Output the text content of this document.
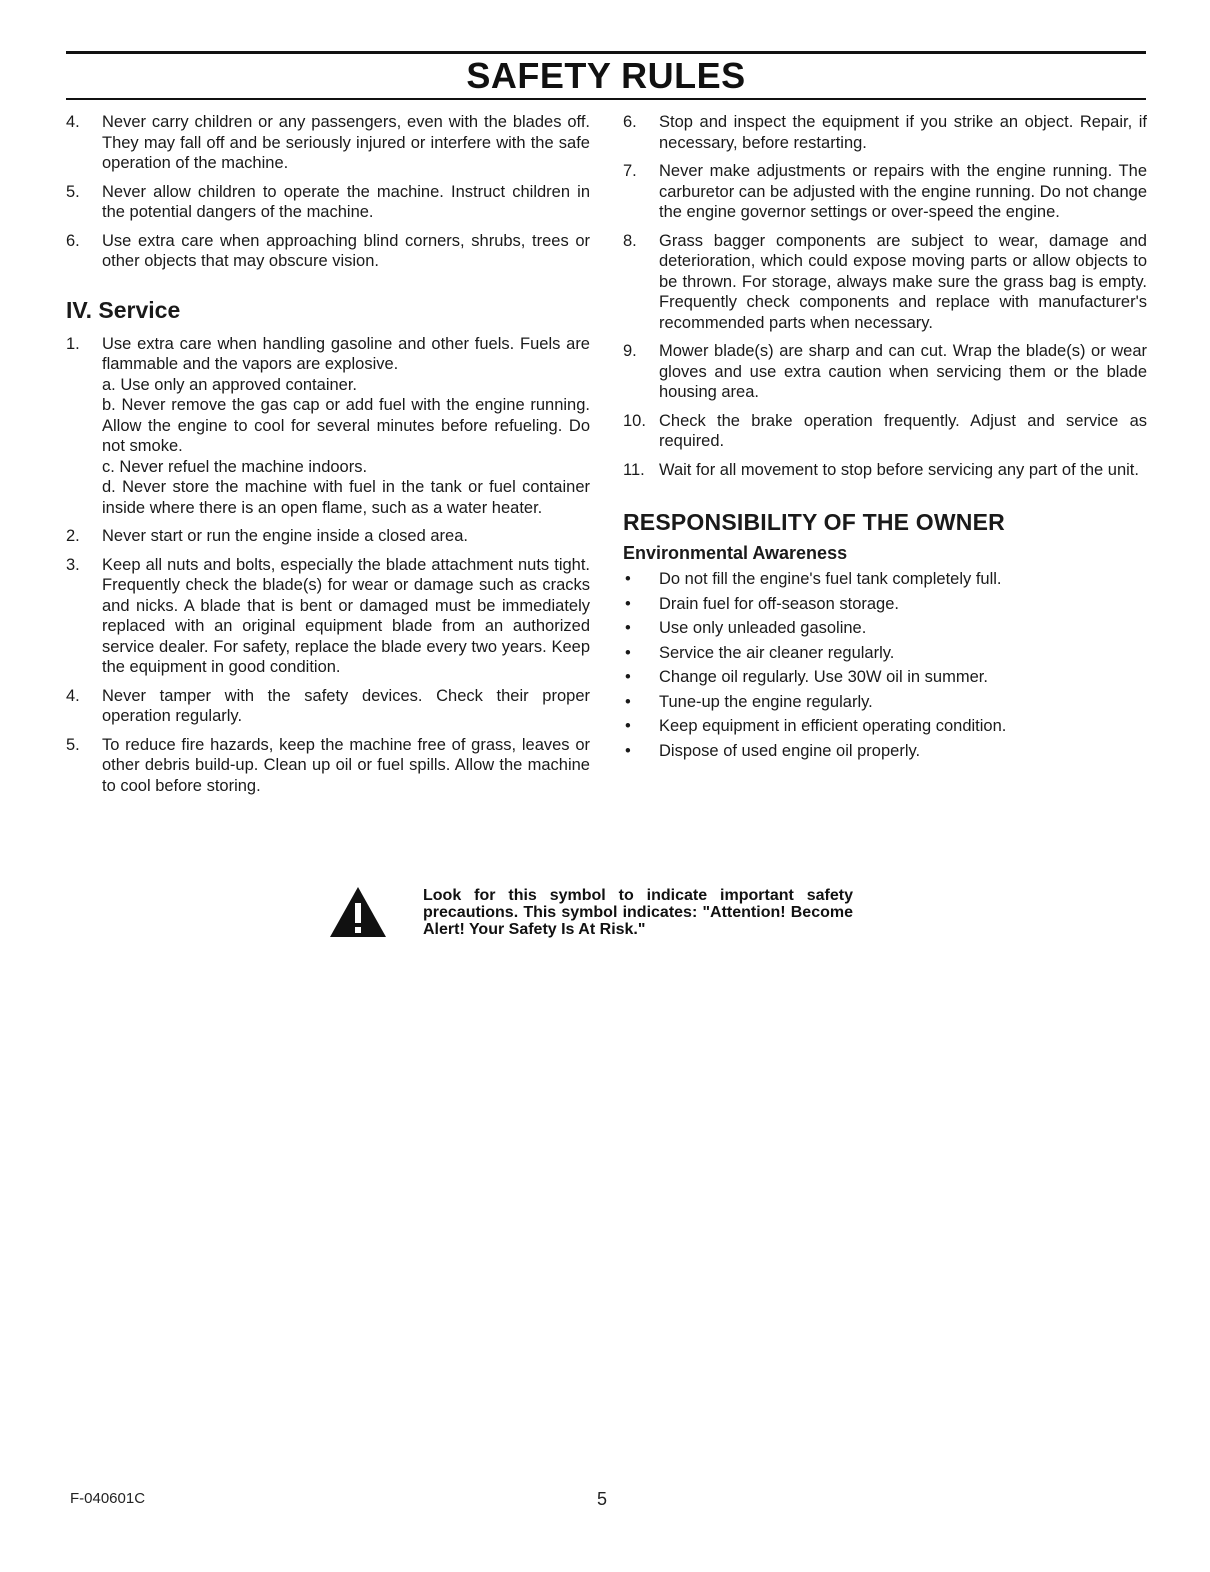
SAFETY RULES
4.	Never carry children or any passengers, even with the blades off. They may fall off and be seriously injured or interfere with the safe operation of the machine.
5.	Never allow children to operate the machine. Instruct children in the potential dangers of the machine.
6.	Use extra care when approaching blind corners, shrubs, trees or other objects that may obscure vision.
IV. Service
1.	Use extra care when handling gasoline and other fuels. Fuels are flammable and the vapors are explosive.
a. Use only an approved container.
b. Never remove the gas cap or add fuel with the engine running. Allow the engine to cool for several minutes before refueling. Do not smoke.
c. Never refuel the machine indoors.
d. Never store the machine with fuel in the tank or fuel container inside where there is an open flame, such as a water heater.
2.	Never start or run the engine inside a closed area.
3.	Keep all nuts and bolts, especially the blade attachment nuts tight. Frequently check the blade(s) for wear or damage such as cracks and nicks. A blade that is bent or damaged must be immediately replaced with an original equipment blade from an authorized service dealer. For safety, replace the blade every two years. Keep the equipment in good condition.
4.	Never tamper with the safety devices. Check their proper operation regularly.
5.	To reduce fire hazards, keep the machine free of grass, leaves or other debris build-up. Clean up oil or fuel spills. Allow the machine to cool before storing.
6.	Stop and inspect the equipment if you strike an object. Repair, if necessary, before restarting.
7.	Never make adjustments or repairs with the engine running. The carburetor can be adjusted with the engine running. Do not change the engine governor settings or over-speed the engine.
8.	Grass bagger components are subject to wear, damage and deterioration, which could expose moving parts or allow objects to be thrown. For storage, always make sure the grass bag is empty. Frequently check components and replace with manufacturer's recommended parts when necessary.
9.	Mower blade(s) are sharp and can cut. Wrap the blade(s) or wear gloves and use extra caution when servicing them or the blade housing area.
10. Check the brake operation frequently. Adjust and service as required.
11. Wait for all movement to stop before servicing any part of the unit.
RESPONSIBILITY OF THE OWNER
Environmental Awareness
•	Do not fill the engine's fuel tank completely full.
•	Drain fuel for off-season storage.
•	Use only unleaded gasoline.
•	Service the air cleaner regularly.
•	Change oil regularly. Use 30W oil in summer.
•	Tune-up the engine regularly.
•	Keep equipment in efficient operating condition.
•	Dispose of used engine oil properly.
Look for this symbol to indicate important safety precautions. This symbol indicates: "Attention! Become Alert! Your Safety Is At Risk."
F-040601C	5
